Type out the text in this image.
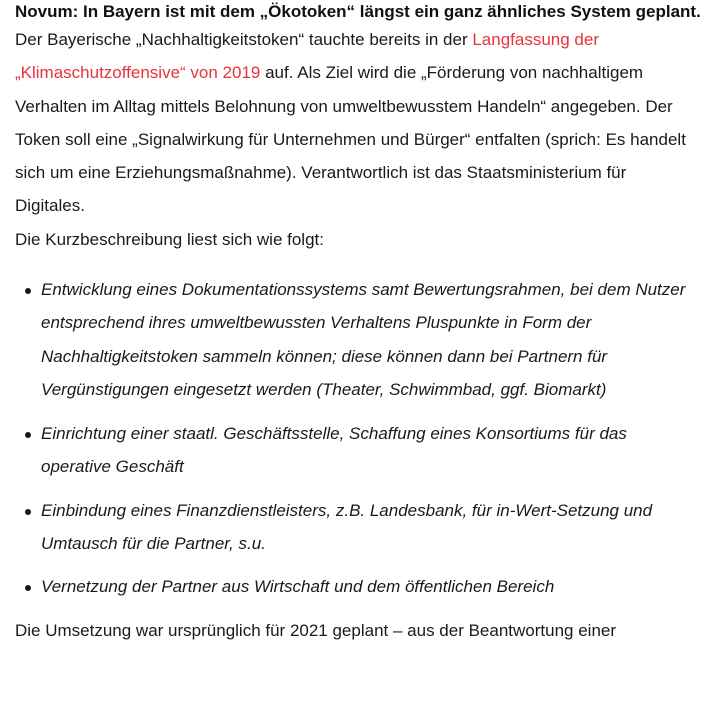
Novum: In Bayern ist mit dem „Ökotoken“ längst ein ganz ähnliches System geplant.

Der Bayerische „Nachhaltigkeitstoken“ tauchte bereits in der Langfassung der „Klimaschutzoffensive“ von 2019 auf. Als Ziel wird die „Förderung von nachhaltigem Verhalten im Alltag mittels Belohnung von umweltbewusstem Handeln“ angegeben. Der Token soll eine „Signalwirkung für Unternehmen und Bürger“ entfalten (sprich: Es handelt sich um eine Erziehungsmaßnahme). Verantwortlich ist das Staatsministerium für Digitales.

Die Kurzbeschreibung liest sich wie folgt:

Entwicklung eines Dokumentationssystems samt Bewertungsrahmen, bei dem Nutzer entsprechend ihres umweltbewussten Verhaltens Pluspunkte in Form der Nachhaltigkeitstoken sammeln können; diese können dann bei Partnern für Vergünstigungen eingesetzt werden (Theater, Schwimmbad, ggf. Biomarkt)
Einrichtung einer staatl. Geschäftsstelle, Schaffung eines Konsortiums für das operative Geschäft
Einbindung eines Finanzdienstleisters, z.B. Landesbank, für in-Wert-Setzung und Umtausch für die Partner, s.u.
Vernetzung der Partner aus Wirtschaft und dem öffentlichen Bereich

Die Umsetzung war ursprünglich für 2021 geplant – aus der Beantwortung einer
